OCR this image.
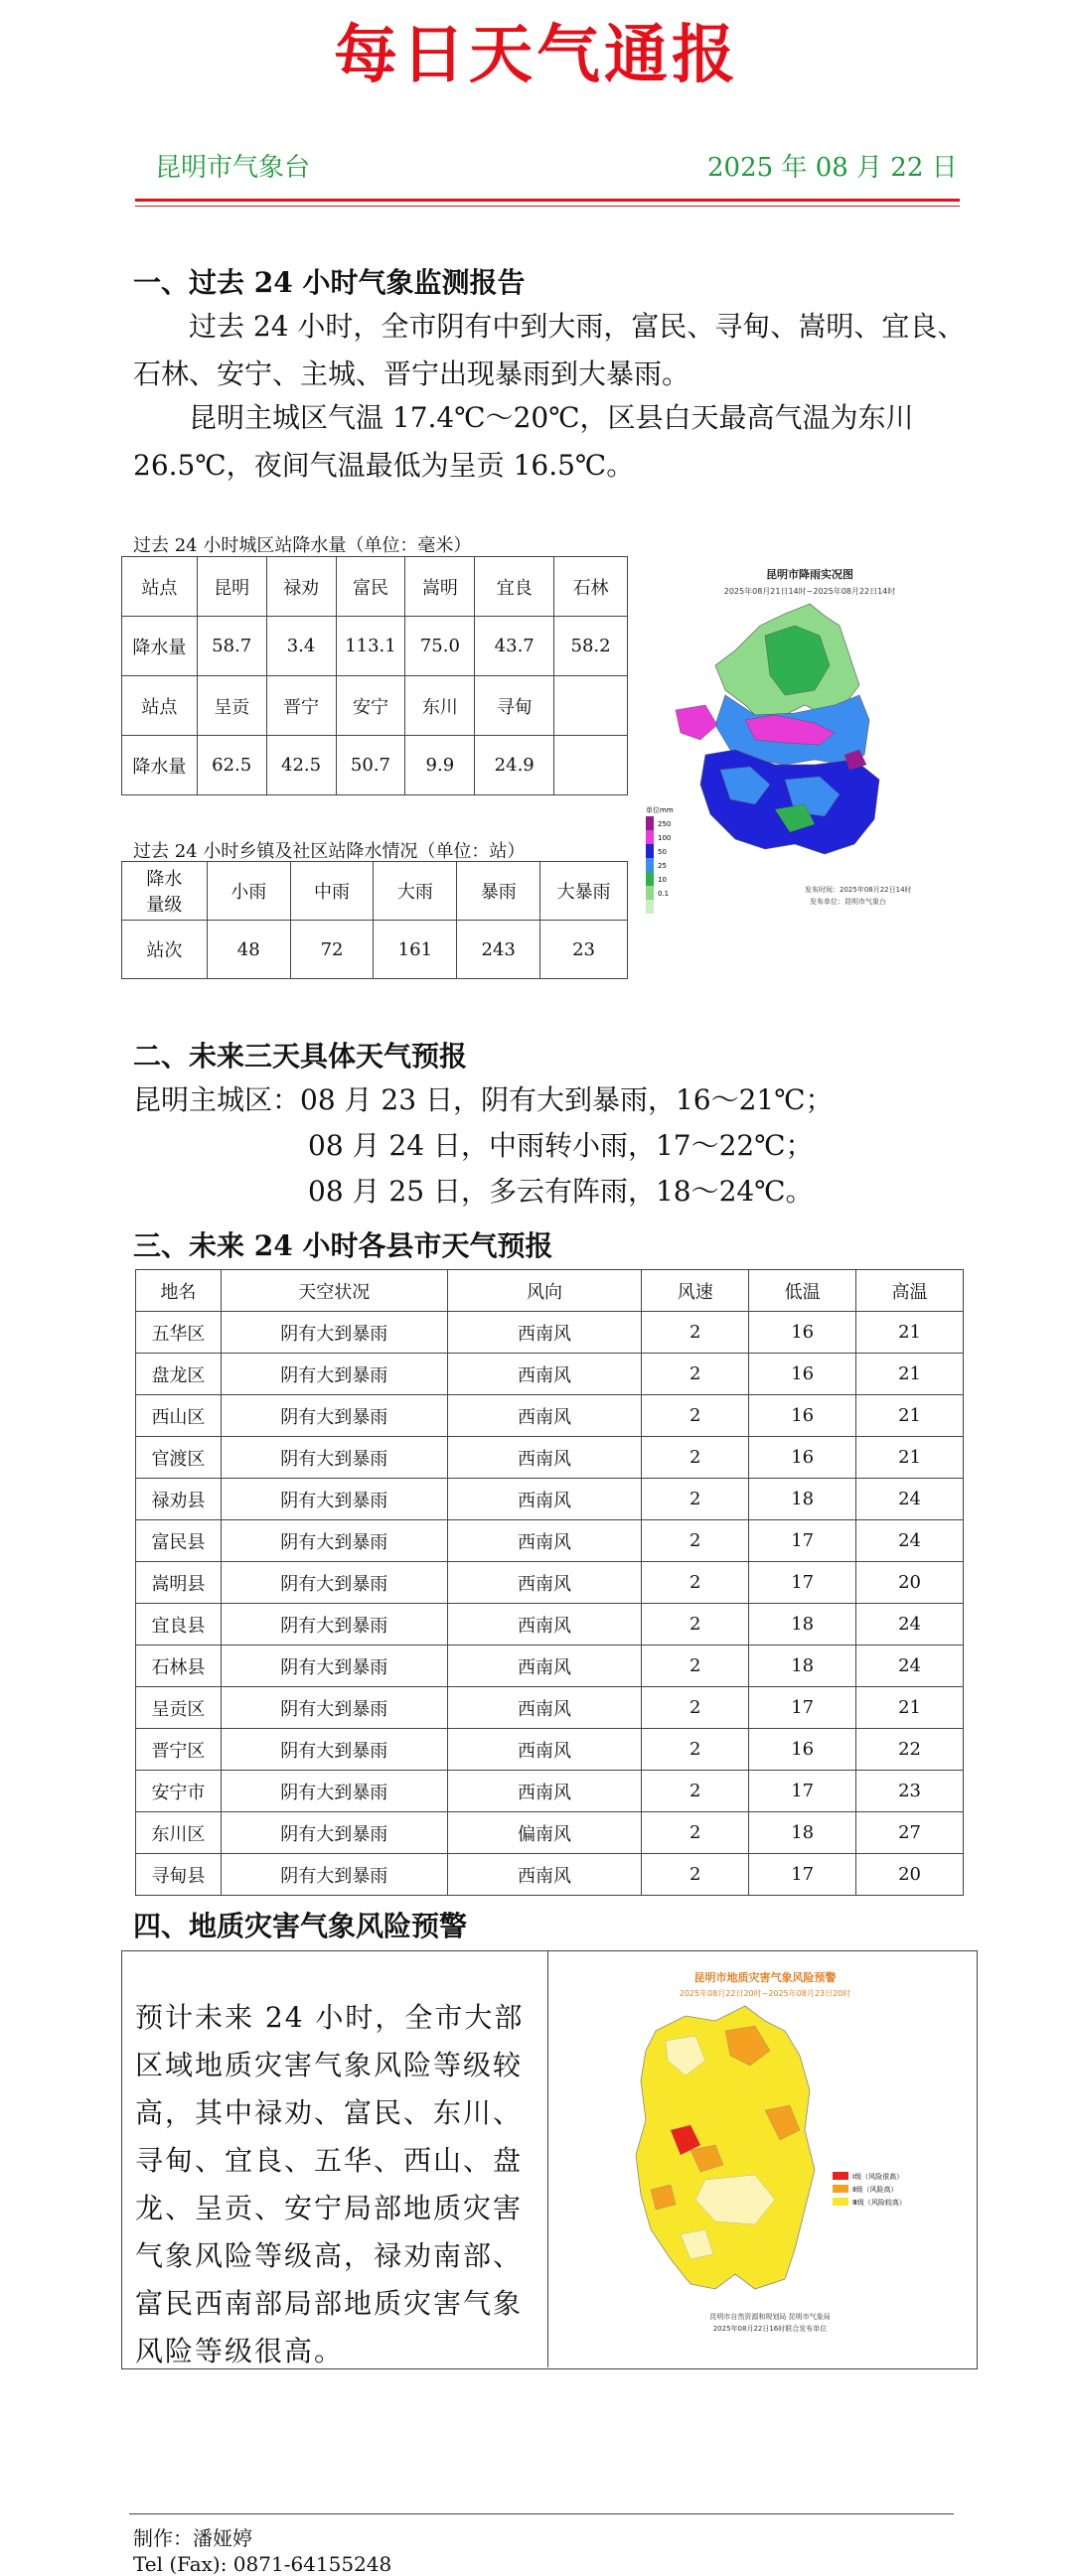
每日天气通报
昆明市气象台	2025 年 08 月 22 日
一、过去 24 小时气象监测报告
　　过去 24 小时，全市阴有中到大雨，富民、寻甸、嵩明、宜良、
石林、安宁、主城、晋宁出现暴雨到大暴雨。
　　昆明主城区气温 17.4℃～20℃，区县白天最高气温为东川
26.5℃，夜间气温最低为呈贡 16.5℃。
过去 24 小时城区站降水量（单位：毫米）
站点	昆明	禄劝	富民	嵩明	宜良	石林
降水量	58.7	3.4	113.1	75.0	43.7	58.2
站点	呈贡	晋宁	安宁	东川	寻甸	
降水量	62.5	42.5	50.7	9.9	24.9	
过去 24 小时乡镇及社区站降水情况（单位：站）
降水
量级	小雨	中雨	大雨	暴雨	大暴雨
站次	48	72	161	243	23
昆明市降雨实况图
2025年08月21日14时~2025年08月22日14时
单位mm
250
100
50
25
10
0.1	发布时间：2025年08月22日14时
发布单位：昆明市气象台
二、未来三天具体天气预报
昆明主城区：08 月 23 日，阴有大到暴雨，16～21℃；
08 月 24 日，中雨转小雨，17～22℃；
08 月 25 日，多云有阵雨，18～24℃。
三、未来 24 小时各县市天气预报
地名	天空状况	风向	风速	低温	高温
五华区	阴有大到暴雨	西南风	2	16	21
盘龙区	阴有大到暴雨	西南风	2	16	21
西山区	阴有大到暴雨	西南风	2	16	21
官渡区	阴有大到暴雨	西南风	2	16	21
禄劝县	阴有大到暴雨	西南风	2	18	24
富民县	阴有大到暴雨	西南风	2	17	24
嵩明县	阴有大到暴雨	西南风	2	17	20
宜良县	阴有大到暴雨	西南风	2	18	24
石林县	阴有大到暴雨	西南风	2	18	24
呈贡区	阴有大到暴雨	西南风	2	17	21
晋宁区	阴有大到暴雨	西南风	2	16	22
安宁市	阴有大到暴雨	西南风	2	17	23
东川区	阴有大到暴雨	偏南风	2	18	27
寻甸县	阴有大到暴雨	西南风	2	17	20
四、地质灾害气象风险预警
预计未来 24 小时，全市大部区域地质灾害气象风险等级较高，其中禄劝、富民、东川、寻甸、宜良、五华、西山、盘龙、呈贡、安宁局部地质灾害气象风险等级高，禄劝南部、富民西南部局部地质灾害气象风险等级很高。
昆明市地质灾害气象风险预警
2025年08月22日20时~2025年08月23日20时
Ⅰ级（风险很高）
Ⅱ级（风险高）
Ⅲ级（风险较高）
昆明市自然资源和规划局 昆明市气象局
2025年08月22日16时联合发布单位
制作：潘娅婷
Tel (Fax): 0871-64155248
